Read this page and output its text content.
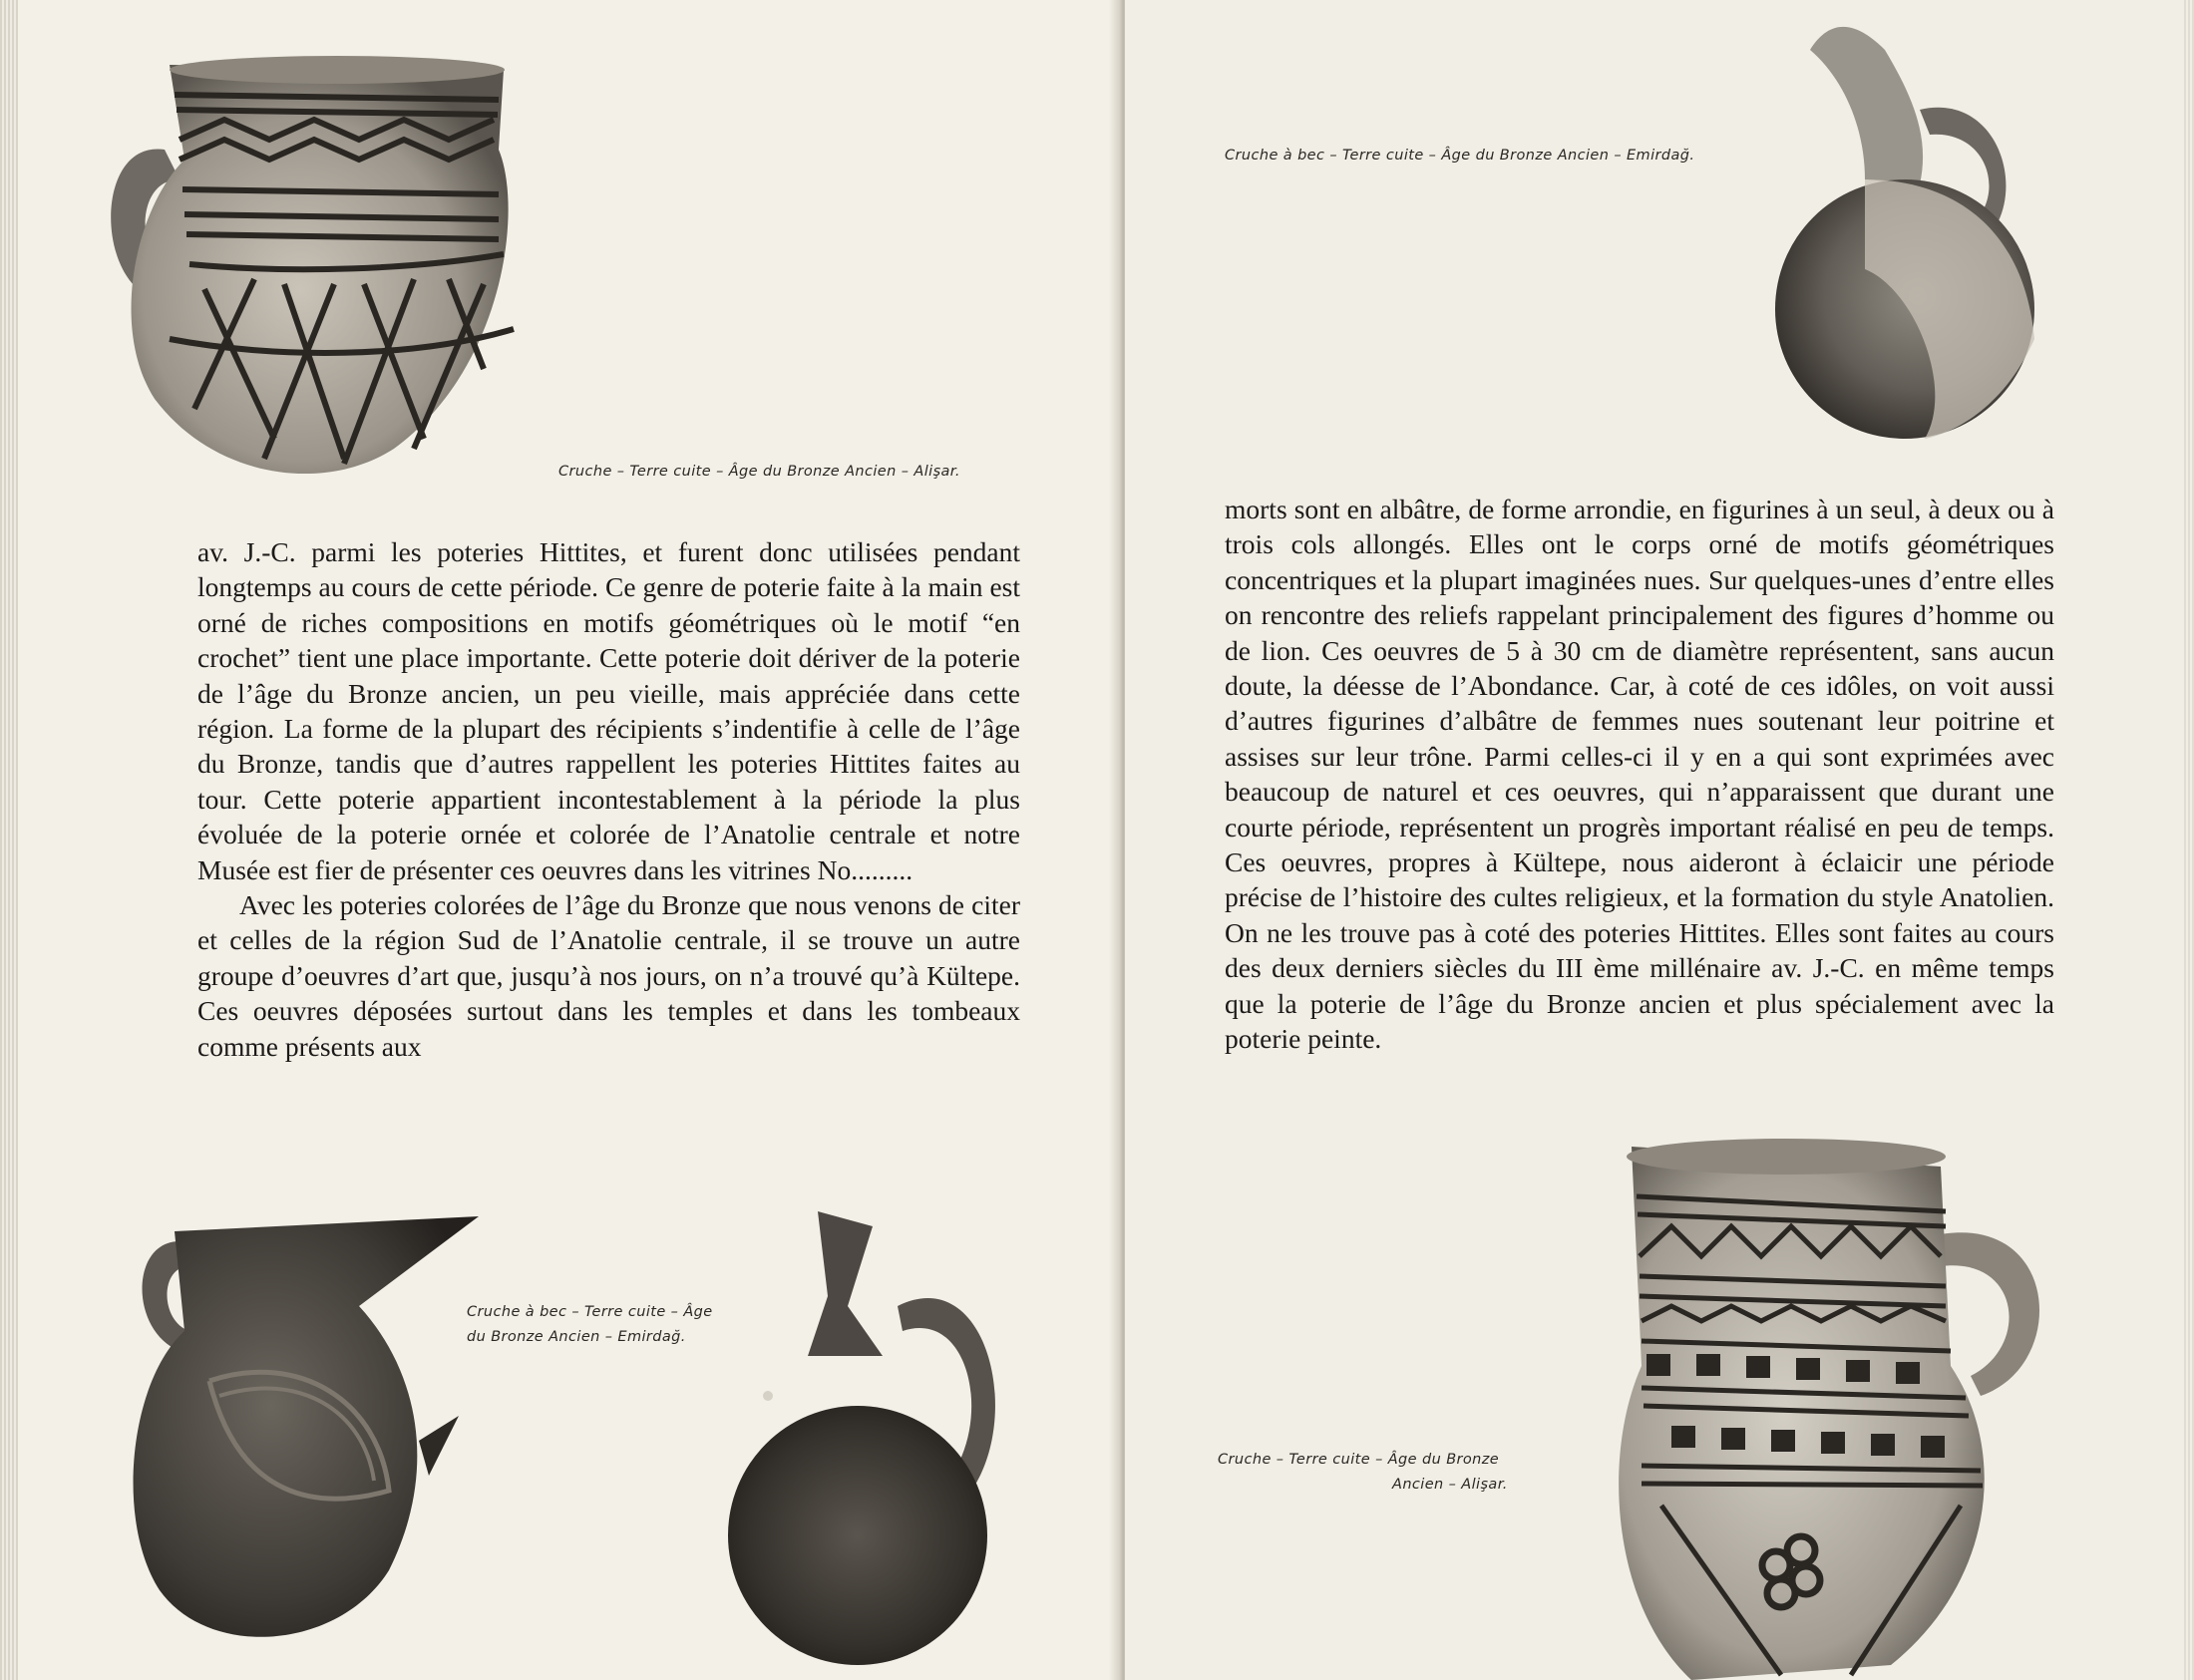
Cruche – Terre cuite – Âge du Bronze Ancien – Alişar.

av. J.-C. parmi les poteries Hittites, et furent donc utilisées pendant longtemps au cours de cette période. Ce genre de poterie faite à la main est orné de riches compositions en motifs géométriques où le motif “en crochet” tient une place importante. Cette poterie doit dériver de la poterie de l’âge du Bronze ancien, un peu vieille, mais appréciée dans cette région. La forme de la plupart des récipients s’indentifie à celle de l’âge du Bronze, tandis que d’autres rappellent les poteries Hittites faites au tour. Cette poterie appartient incontestablement à la période la plus évoluée de la poterie ornée et colorée de l’Anatolie centrale et notre Musée est fier de présenter ces oeuvres dans les vitrines No.........

Avec les poteries colorées de l’âge du Bronze que nous venons de citer et celles de la région Sud de l’Anatolie centrale, il se trouve un autre groupe d’oeuvres d’art que, jusqu’à nos jours, on n’a trouvé qu’à Kültepe. Ces oeuvres déposées surtout dans les temples et dans les tombeaux comme présents aux

Cruche à bec – Terre cuite – Âge
du Bronze Ancien – Emirdağ.
Cruche à bec – Terre cuite – Âge du Bronze Ancien – Emirdağ.

morts sont en albâtre, de forme arrondie, en figurines à un seul, à deux ou à trois cols allongés. Elles ont le corps orné de motifs géométriques concentriques et la plupart imaginées nues. Sur quelques-unes d’entre elles on rencontre des reliefs rappelant principalement des figures d’homme ou de lion. Ces oeuvres de 5 à 30 cm de diamètre représentent, sans aucun doute, la déesse de l’Abondance. Car, à coté de ces idôles, on voit aussi d’autres figurines d’albâtre de femmes nues soutenant leur poitrine et assises sur leur trône. Parmi celles-ci il y en a qui sont exprimées avec beaucoup de naturel et ces oeuvres, qui n’apparaissent que durant une courte période, représentent un progrès important réalisé en peu de temps. Ces oeuvres, propres à Kültepe, nous aideront à éclaicir une période précise de l’histoire des cultes religieux, et la formation du style Anatolien. On ne les trouve pas à coté des poteries Hittites. Elles sont faites au cours des deux derniers siècles du III ème millénaire av. J.-C. en même temps que la poterie de l’âge du Bronze ancien et plus spécialement avec la poterie peinte.

Cruche – Terre cuite – Âge du Bronze
Ancien – Alişar.
